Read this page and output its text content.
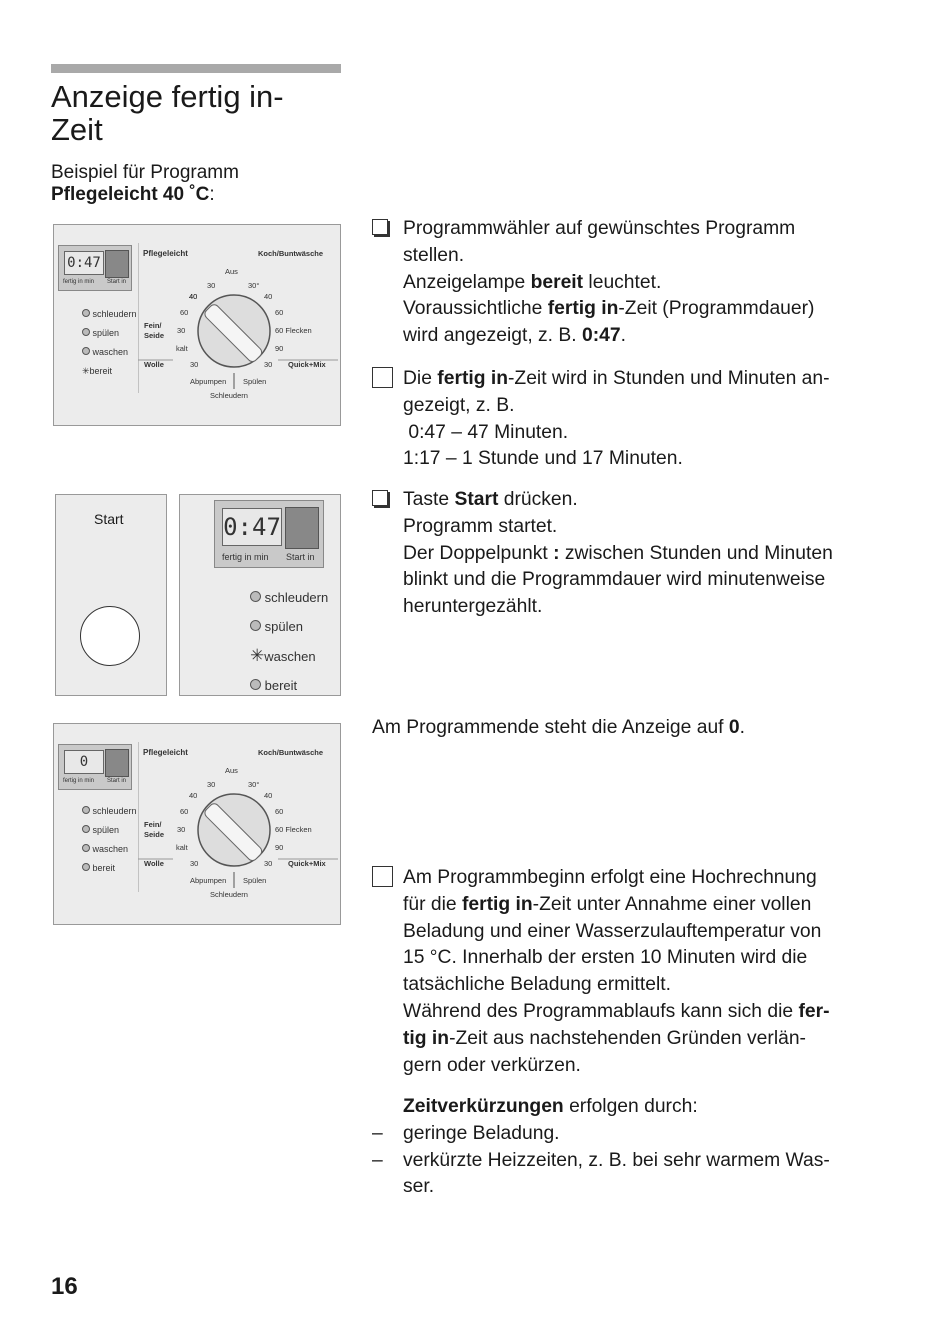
Anzeige fertig in-
Zeit
Beispiel für Programm
Pflegeleicht 40 ˚C:
0:47
fertig in min Start in
schleudern
spülen
waschen
✳bereit
Pflegeleicht	Koch/Buntwäsche
Aus
30	30°
40	40
60	60
Fein/
Seide
30	60 Flecken
kalt	90
Wolle	30	30 Quick+Mix
Abpumpen Spülen
Schleudern
Start	0:47
fertig in min Start in
schleudern
spülen
✳waschen
bereit
0
fertig in min Start in
schleudern
spülen
waschen
bereit
Pflegeleicht	Koch/Buntwäsche
Aus
30	30°
40	40
60	60
Fein/
Seide
30	60 Flecken
kalt	90
Wolle	30	30 Quick+Mix
Abpumpen Spülen
Schleudern
Programmwähler auf gewünschtes Programm
stellen.
Anzeigelampe bereit leuchtet.
Voraussichtliche fertig in-Zeit (Programmdauer)
wird angezeigt, z. B. 0:47.
Die fertig in-Zeit wird in Stunden und Minuten an-
gezeigt, z. B.
0:47 – 47 Minuten.
1:17 – 1 Stunde und 17 Minuten.
Taste Start drücken.
Programm startet.
Der Doppelpunkt : zwischen Stunden und Minuten
blinkt und die Programmdauer wird minutenweise
heruntergezählt.
Am Programmende steht die Anzeige auf 0.
Am Programmbeginn erfolgt eine Hochrechnung
für die fertig in-Zeit unter Annahme einer vollen
Beladung und einer Wasserzulauftemperatur von
15 °C. Innerhalb der ersten 10 Minuten wird die
tatsächliche Beladung ermittelt.
Während des Programmablaufs kann sich die fer-
tig in-Zeit aus nachstehenden Gründen verlän-
gern oder verkürzen.
Zeitverkürzungen erfolgen durch:
– geringe Beladung.
– verkürzte Heizzeiten, z. B. bei sehr warmem Was-
ser.
16
